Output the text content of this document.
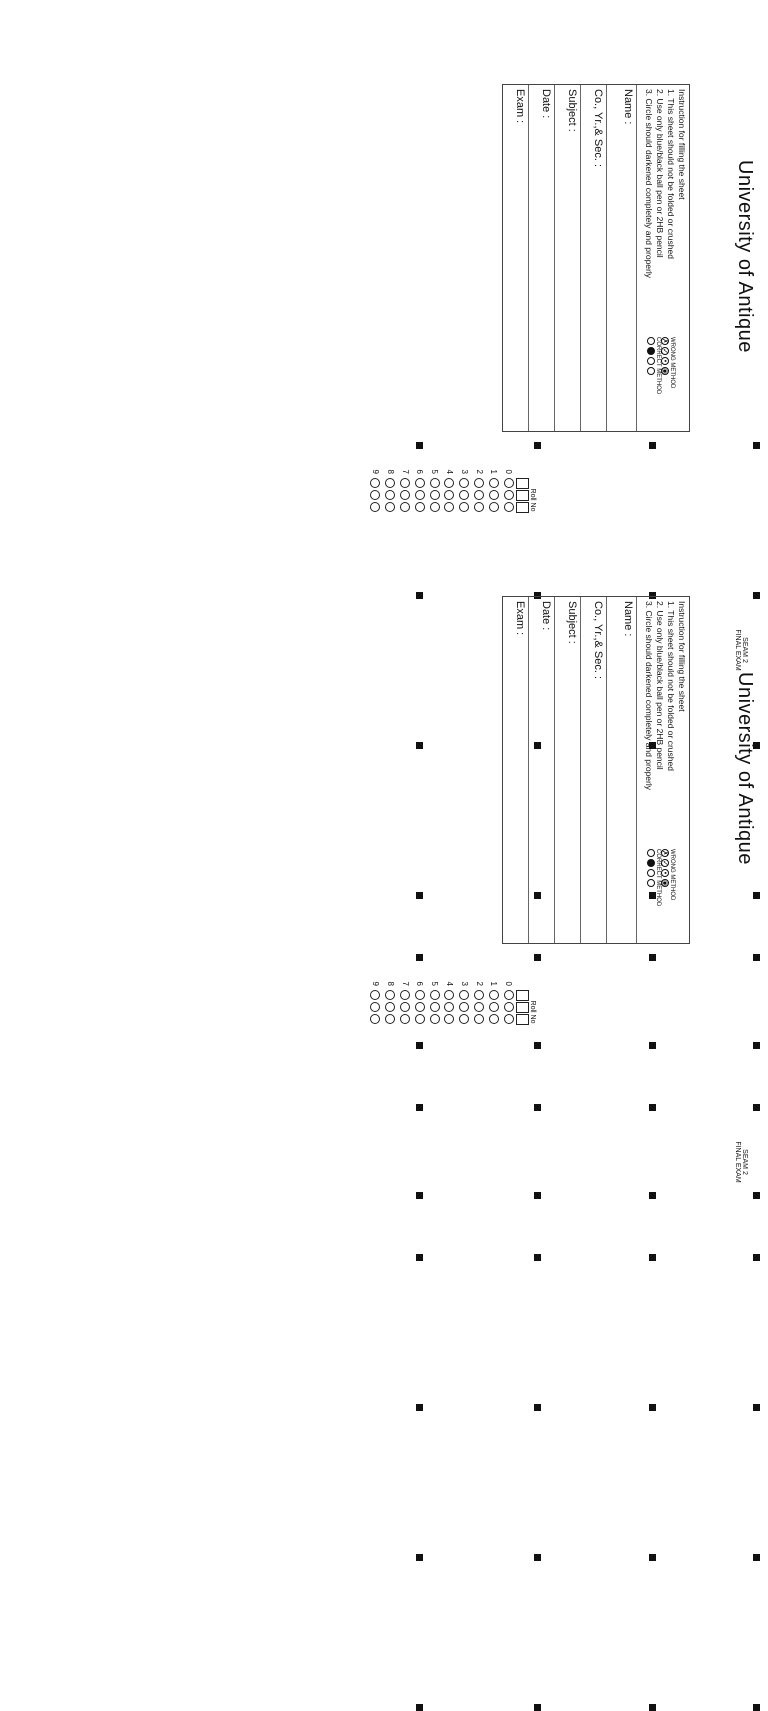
University of Antique
Instruction for filling the sheet
1. This sheet should not be folded or crushed
2. Use only blue/black ball pen or 2HB pencil
3. Circle should darkened completely and properly
WRONG METHOD
✗✓•◉
CORRECT METHOD
Name :
Co., Yr.,& Sec. :
Subject :
Date :
Exam :
Roll No
0
1
2
3
4
5
6
7
8
9
SEAM 2
FINAL EXAM
University of Antique
Instruction for filling the sheet
1. This sheet should not be folded or crushed
2. Use only blue/black ball pen or 2HB pencil
3. Circle should darkened completely and properly
WRONG METHOD
✗✓•◉
CORRECT METHOD
Name :
Co., Yr.,& Sec. :
Subject :
Date :
Exam :
Roll No
0
1
2
3
4
5
6
7
8
9
SEAM 2
FINAL EXAM
